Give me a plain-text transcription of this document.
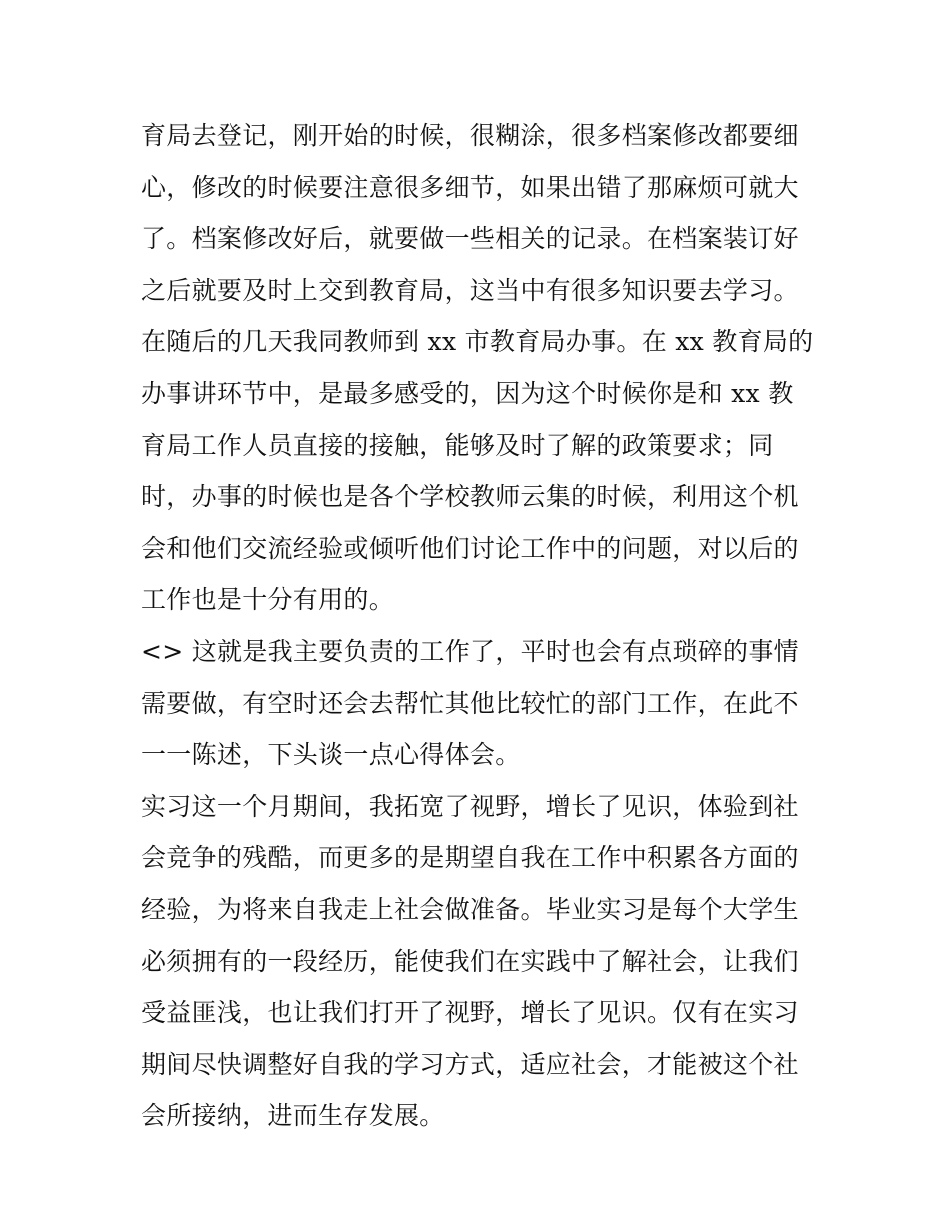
育局去登记，刚开始的时候，很糊涂，很多档案修改都要细心，修改的时候要注意很多细节，如果出错了那麻烦可就大了。档案修改好后，就要做一些相关的记录。在档案装订好之后就要及时上交到教育局，这当中有很多知识要去学习。

在随后的几天我同教师到 xx 市教育局办事。在 xx 教育局的办事讲环节中，是最多感受的，因为这个时候你是和 xx 教育局工作人员直接的接触，能够及时了解的政策要求；同时，办事的时候也是各个学校教师云集的时候，利用这个机会和他们交流经验或倾听他们讨论工作中的问题，对以后的工作也是十分有用的。

<> 这就是我主要负责的工作了，平时也会有点琐碎的事情需要做，有空时还会去帮忙其他比较忙的部门工作，在此不一一陈述，下头谈一点心得体会。

实习这一个月期间，我拓宽了视野，增长了见识，体验到社会竞争的残酷，而更多的是期望自我在工作中积累各方面的经验，为将来自我走上社会做准备。毕业实习是每个大学生必须拥有的一段经历，能使我们在实践中了解社会，让我们受益匪浅，也让我们打开了视野，增长了见识。仅有在实习期间尽快调整好自我的学习方式，适应社会，才能被这个社会所接纳，进而生存发展。
